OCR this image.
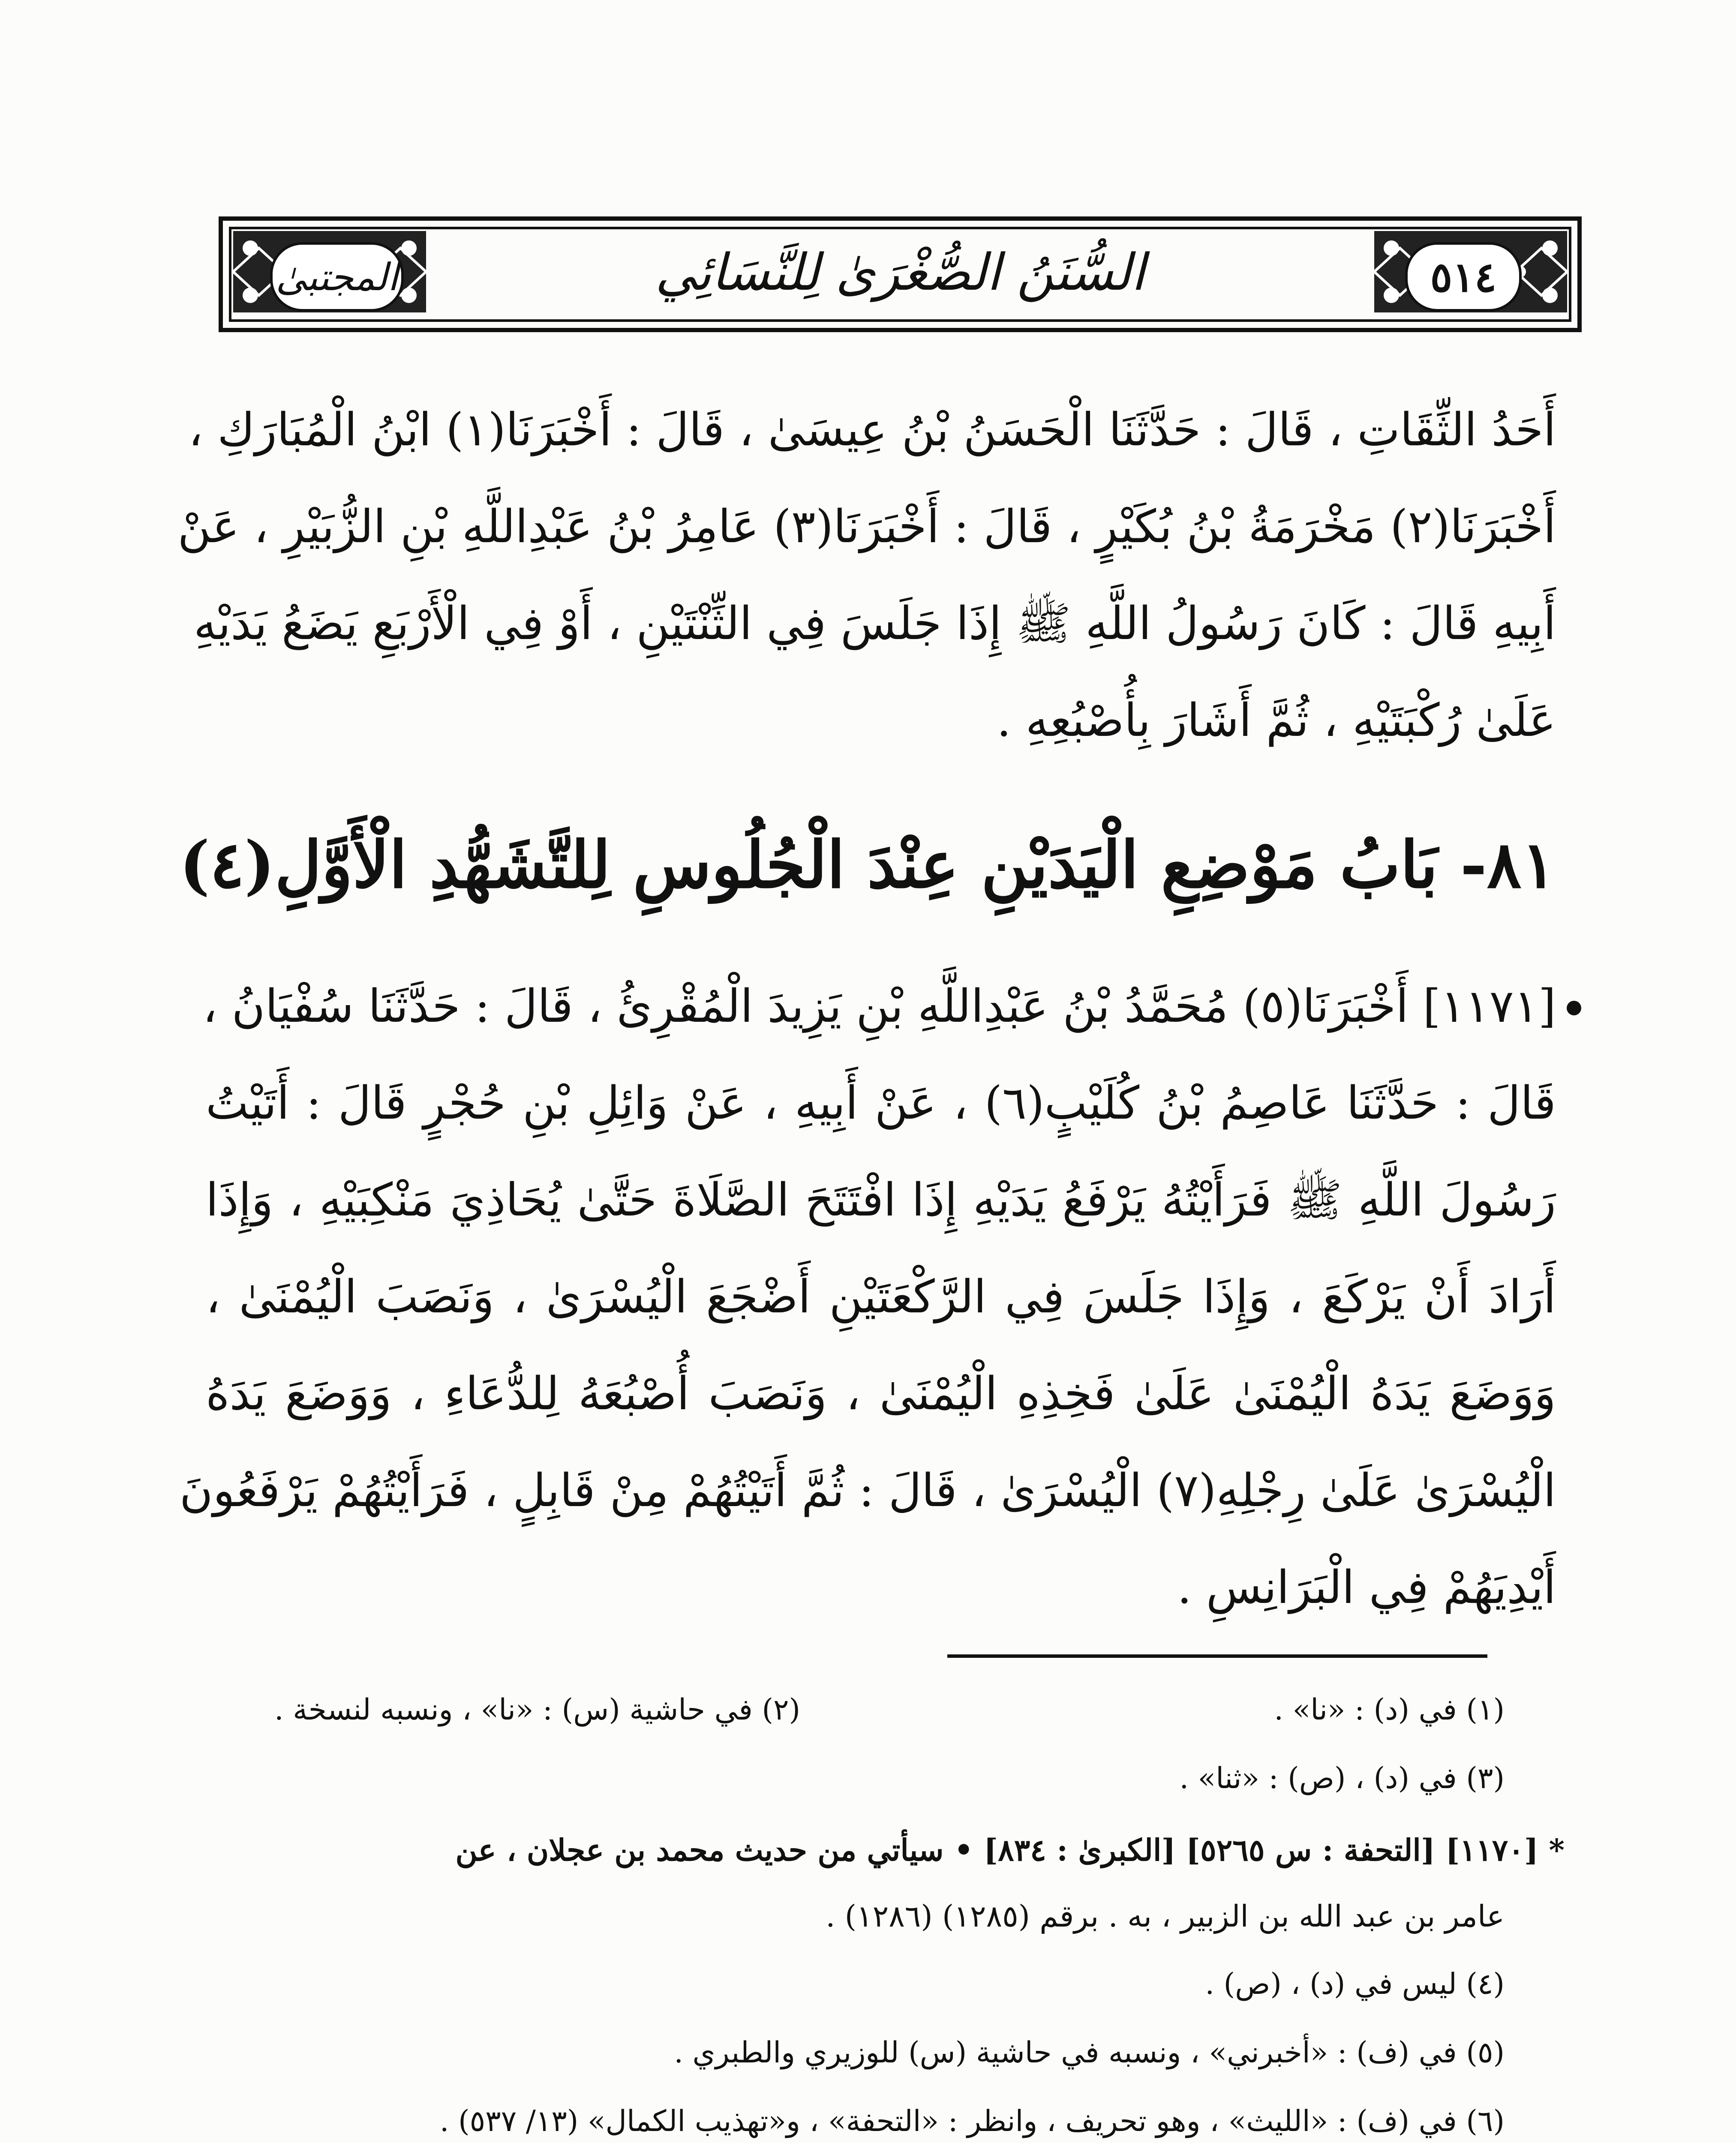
المجتبىٰ	٥١٤
السُّنَنُ الصُّغْرَىٰ لِلنَّسَائِي
أَحَدُ الثِّقَاتِ ، قَالَ : حَدَّثَنَا الْحَسَنُ بْنُ عِيسَىٰ ، قَالَ : أَخْبَرَنَا(١) ابْنُ الْمُبَارَكِ ،
أَخْبَرَنَا(٢) مَخْرَمَةُ بْنُ بُكَيْرٍ ، قَالَ : أَخْبَرَنَا(٣) عَامِرُ بْنُ عَبْدِاللَّهِ بْنِ الزُّبَيْرِ ، عَنْ
أَبِيهِ قَالَ : كَانَ رَسُولُ اللَّهِ ﷺ إِذَا جَلَسَ فِي الثِّنْتَيْنِ ، أَوْ فِي الْأَرْبَعِ يَضَعُ يَدَيْهِ
عَلَىٰ رُكْبَتَيْهِ ، ثُمَّ أَشَارَ بِأُصْبُعِهِ .
٨١- بَابُ مَوْضِعِ الْيَدَيْنِ عِنْدَ الْجُلُوسِ لِلتَّشَهُّدِ الْأَوَّلِ(٤)
[١١٧١] أَخْبَرَنَا(٥) مُحَمَّدُ بْنُ عَبْدِاللَّهِ بْنِ يَزِيدَ الْمُقْرِئُ ، قَالَ : حَدَّثَنَا سُفْيَانُ ،
قَالَ : حَدَّثَنَا عَاصِمُ بْنُ كُلَيْبٍ(٦) ، عَنْ أَبِيهِ ، عَنْ وَائِلِ بْنِ حُجْرٍ قَالَ : أَتَيْتُ
رَسُولَ اللَّهِ ﷺ فَرَأَيْتُهُ يَرْفَعُ يَدَيْهِ إِذَا افْتَتَحَ الصَّلَاةَ حَتَّىٰ يُحَاذِيَ مَنْكِبَيْهِ ، وَإِذَا
أَرَادَ أَنْ يَرْكَعَ ، وَإِذَا جَلَسَ فِي الرَّكْعَتَيْنِ أَضْجَعَ الْيُسْرَىٰ ، وَنَصَبَ الْيُمْنَىٰ ،
وَوَضَعَ يَدَهُ الْيُمْنَىٰ عَلَىٰ فَخِذِهِ الْيُمْنَىٰ ، وَنَصَبَ أُصْبُعَهُ لِلدُّعَاءِ ، وَوَضَعَ يَدَهُ
الْيُسْرَىٰ عَلَىٰ رِجْلِهِ(٧) الْيُسْرَىٰ ، قَالَ : ثُمَّ أَتَيْتُهُمْ مِنْ قَابِلٍ ، فَرَأَيْتُهُمْ يَرْفَعُونَ
أَيْدِيَهُمْ فِي الْبَرَانِسِ .
(١) في (د) : «نا» .
(٢) في حاشية (س) : «نا» ، ونسبه لنسخة .
(٣) في (د) ، (ص) : «ثنا» .
* [١١٧٠] [التحفة : س ٥٢٦٥] [الكبرىٰ : ٨٣٤] • سيأتي من حديث محمد بن عجلان ، عن
عامر بن عبد الله بن الزبير ، به . برقم (١٢٨٥) (١٢٨٦) .
(٤) ليس في (د) ، (ص) .
(٥) في (ف) : «أخبرني» ، ونسبه في حاشية (س) للوزيري والطبري .
(٦) في (ف) : «الليث» ، وهو تحريف ، وانظر : «التحفة» ، و«تهذيب الكمال» (١٣/ ٥٣٧) .
